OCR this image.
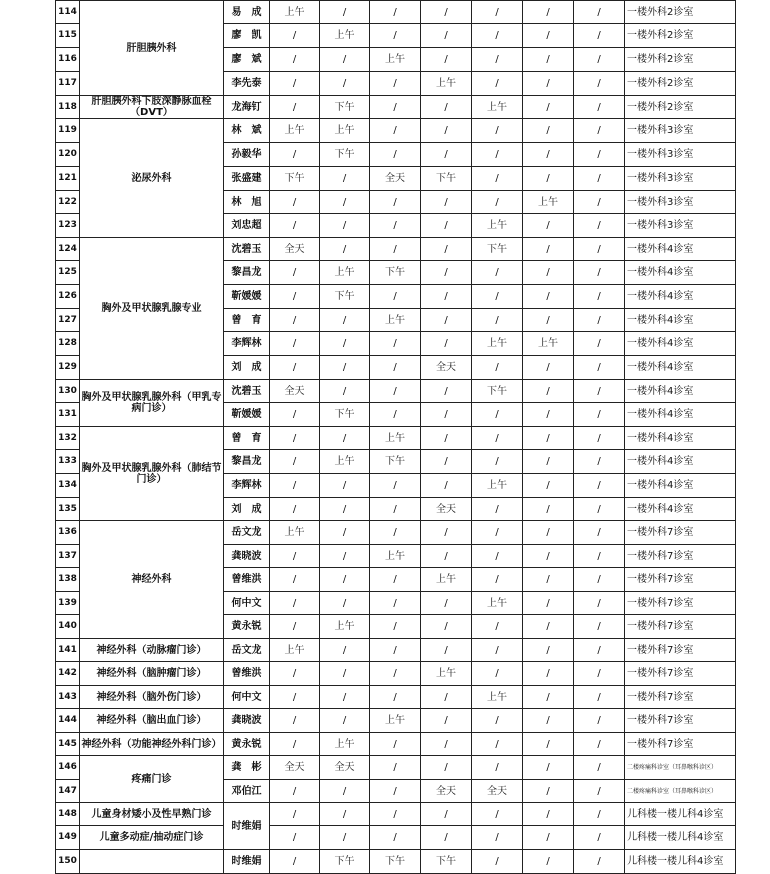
114	肝胆胰外科	易　成	上午	/	/	/	/	/	/	一楼外科2诊室
115		廖　凯	/	上午	/	/	/	/	/	一楼外科2诊室
116		廖　斌	/	/	上午	/	/	/	/	一楼外科2诊室
117		李先泰	/	/	/	上午	/	/	/	一楼外科2诊室
118	肝胆胰外科下肢深静脉血栓（DVT）	龙海钉	/	下午	/	/	上午	/	/	一楼外科2诊室
119	泌尿外科	林　斌	上午	上午	/	/	/	/	/	一楼外科3诊室
120		孙毅华	/	下午	/	/	/	/	/	一楼外科3诊室
121		张盛建	下午	/	全天	下午	/	/	/	一楼外科3诊室
122		林　旭	/	/	/	/	/	上午	/	一楼外科3诊室
123		刘忠超	/	/	/	/	上午	/	/	一楼外科3诊室
124	胸外及甲状腺乳腺专业	沈碧玉	全天	/	/	/	下午	/	/	一楼外科4诊室
125		黎昌龙	/	上午	下午	/	/	/	/	一楼外科4诊室
126		靳媛媛	/	下午	/	/	/	/	/	一楼外科4诊室
127		曾　育	/	/	上午	/	/	/	/	一楼外科4诊室
128		李辉林	/	/	/	/	上午	上午	/	一楼外科4诊室
129		刘　成	/	/	/	全天	/	/	/	一楼外科4诊室
130	胸外及甲状腺乳腺外科（甲乳专病门诊）	沈碧玉	全天	/	/	/	下午	/	/	一楼外科4诊室
131		靳媛媛	/	下午	/	/	/	/	/	一楼外科4诊室
132	胸外及甲状腺乳腺外科（肺结节门诊）	曾　育	/	/	上午	/	/	/	/	一楼外科4诊室
133		黎昌龙	/	上午	下午	/	/	/	/	一楼外科4诊室
134		李辉林	/	/	/	/	上午	/	/	一楼外科4诊室
135		刘　成	/	/	/	全天	/	/	/	一楼外科4诊室
136	神经外科	岳文龙	上午	/	/	/	/	/	/	一楼外科7诊室
137		龚晓波	/	/	上午	/	/	/	/	一楼外科7诊室
138		曾维洪	/	/	/	上午	/	/	/	一楼外科7诊室
139		何中文	/	/	/	/	上午	/	/	一楼外科7诊室
140		黄永锐	/	上午	/	/	/	/	/	一楼外科7诊室
141	神经外科（动脉瘤门诊）	岳文龙	上午	/	/	/	/	/	/	一楼外科7诊室
142	神经外科（脑肿瘤门诊）	曾维洪	/	/	/	上午	/	/	/	一楼外科7诊室
143	神经外科（脑外伤门诊）	何中文	/	/	/	/	上午	/	/	一楼外科7诊室
144	神经外科（脑出血门诊）	龚晓波	/	/	上午	/	/	/	/	一楼外科7诊室
145	神经外科（功能神经外科门诊）	黄永锐	/	上午	/	/	/	/	/	一楼外科7诊室
146	疼痛门诊	龚　彬	全天	全天	/	/	/	/	/	二楼疼痛科诊室（耳鼻喉科诊区）
147		邓伯江	/	/	/	全天	全天	/	/	二楼疼痛科诊室（耳鼻喉科诊区）
148	儿童身材矮小及性早熟门诊	时维娟	/	/	/	/	/	/	/	儿科楼一楼儿科4诊室
149	儿童多动症/抽动症门诊		/	/	/	/	/	/	/	儿科楼一楼儿科4诊室
150		时维娟	/	下午	下午	下午	/	/	/	儿科楼一楼儿科4诊室
